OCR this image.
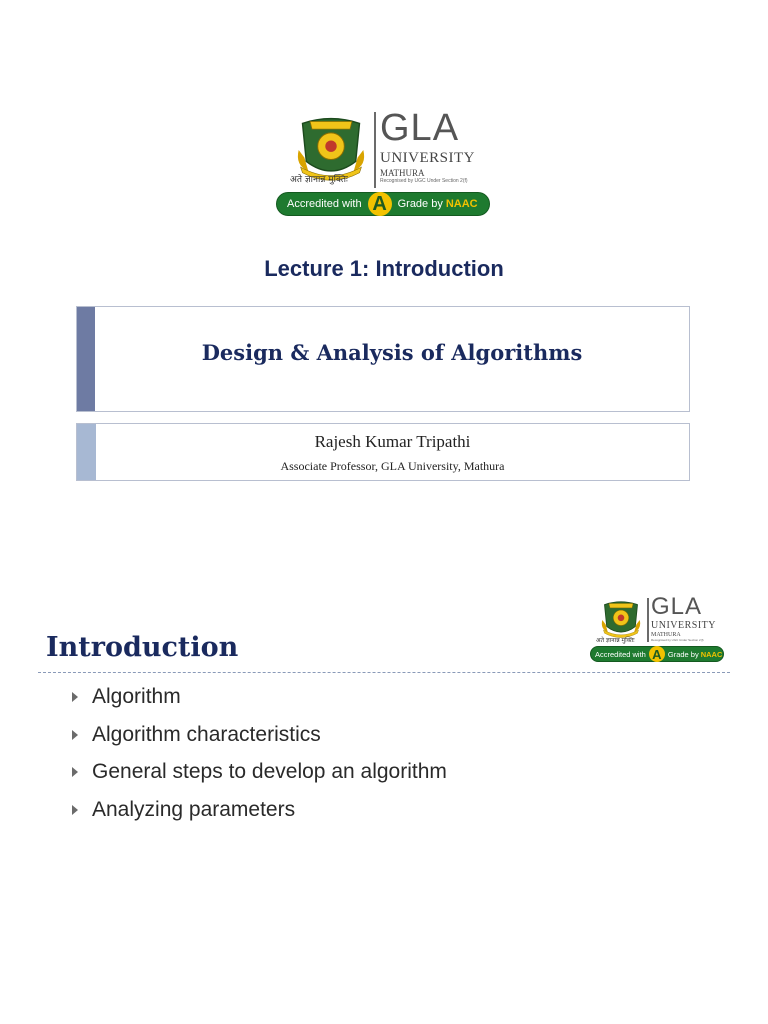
GLA
UNIVERSITY
MATHURA
Recognised by UGC Under Section 2(f)
अते ज्ञानान्न मुक्तिः
Accredited with A Grade by NAAC
Lecture 1: Introduction
Design & Analysis of Algorithms
Rajesh Kumar Tripathi
Associate Professor, GLA University, Mathura
GLA
UNIVERSITY
MATHURA
Recognised by UGC Under Section 2(f)
अते ज्ञानान्न मुक्तिः
Accredited with A Grade by NAAC
Introduction
Algorithm
Algorithm characteristics
General steps to develop an algorithm
Analyzing parameters
